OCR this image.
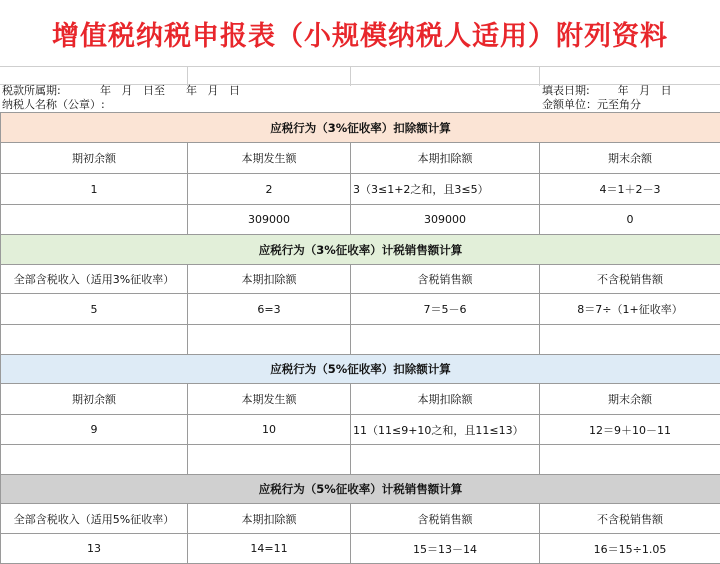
增值税纳税申报表（小规模纳税人适用）附列资料
税款所属期:	年   月   日至      年   月   日	填表日期:        年   月   日
纳税人名称（公章）:	金额单位：元至角分
应税行为（3%征收率）扣除额计算			
期初余额	本期发生额	本期扣除额	期末余额
1	2	3（3≤1+2之和，且3≤5）	4＝1＋2－3
	309000	309000	0
应税行为（3%征收率）计税销售额计算			
全部含税收入（适用3%征收率）	本期扣除额	含税销售额	不含税销售额
5	6=3	7＝5－6	8＝7÷（1+征收率）

应税行为（5%征收率）扣除额计算			
期初余额	本期发生额	本期扣除额	期末余额
9	10	11（11≤9+10之和，且11≤13）	12＝9＋10－11

应税行为（5%征收率）计税销售额计算			
全部含税收入（适用5%征收率）	本期扣除额	含税销售额	不含税销售额
13	14=11	15＝13－14	16＝15÷1.05
